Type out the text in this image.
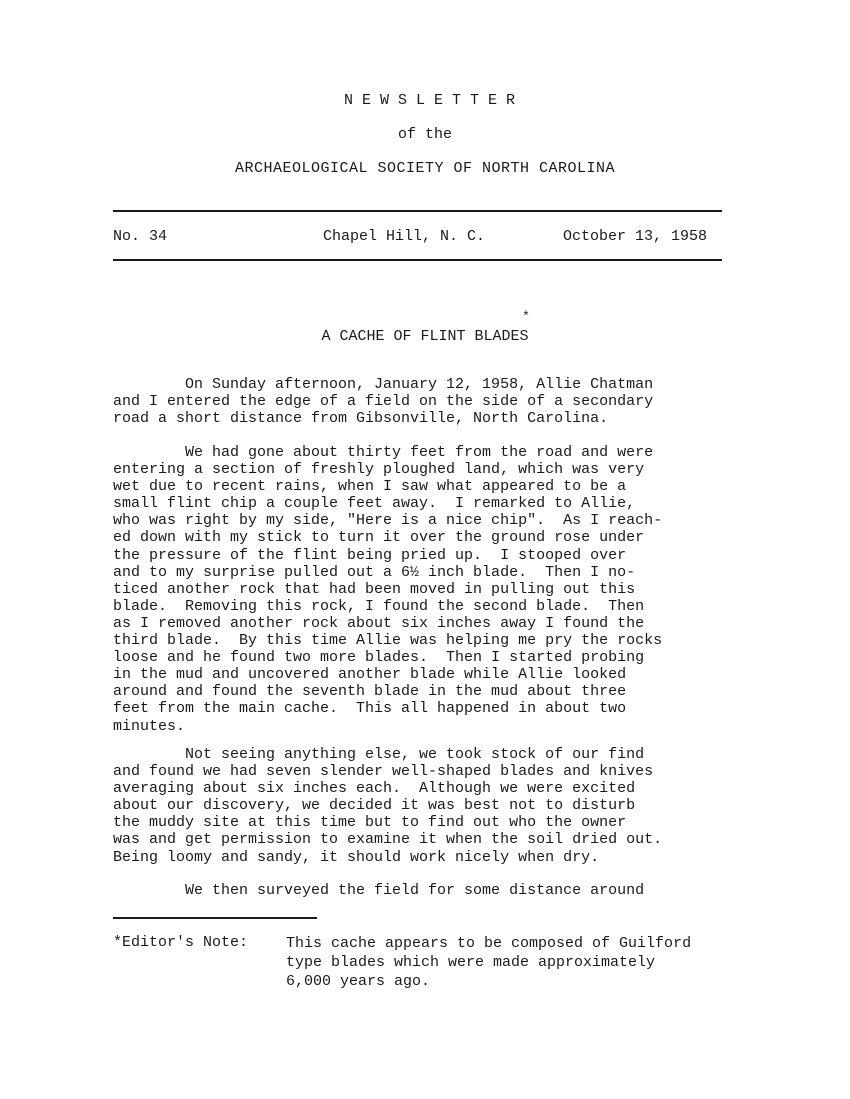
NEWSLETTER
of the
ARCHAEOLOGICAL SOCIETY OF NORTH CAROLINA
No. 34	Chapel Hill, N. C.	October 13, 1958
*
A CACHE OF FLINT BLADES

On Sunday afternoon, January 12, 1958, Allie Chatman
and I entered the edge of a field on the side of a secondary
road a short distance from Gibsonville, North Carolina.

We had gone about thirty feet from the road and were
entering a section of freshly ploughed land, which was very
wet due to recent rains, when I saw what appeared to be a
small flint chip a couple feet away.  I remarked to Allie,
who was right by my side, "Here is a nice chip".  As I reach-
ed down with my stick to turn it over the ground rose under
the pressure of the flint being pried up.  I stooped over
and to my surprise pulled out a 6½ inch blade.  Then I no-
ticed another rock that had been moved in pulling out this
blade.  Removing this rock, I found the second blade.  Then
as I removed another rock about six inches away I found the
third blade.  By this time Allie was helping me pry the rocks
loose and he found two more blades.  Then I started probing
in the mud and uncovered another blade while Allie looked
around and found the seventh blade in the mud about three
feet from the main cache.  This all happened in about two
minutes.

Not seeing anything else, we took stock of our find
and found we had seven slender well-shaped blades and knives
averaging about six inches each.  Although we were excited
about our discovery, we decided it was best not to disturb
the muddy site at this time but to find out who the owner
was and get permission to examine it when the soil dried out.
Being loomy and sandy, it should work nicely when dry.

We then surveyed the field for some distance around

*Editor's Note:	This cache appears to be composed of Guilford
type blades which were made approximately
6,000 years ago.
